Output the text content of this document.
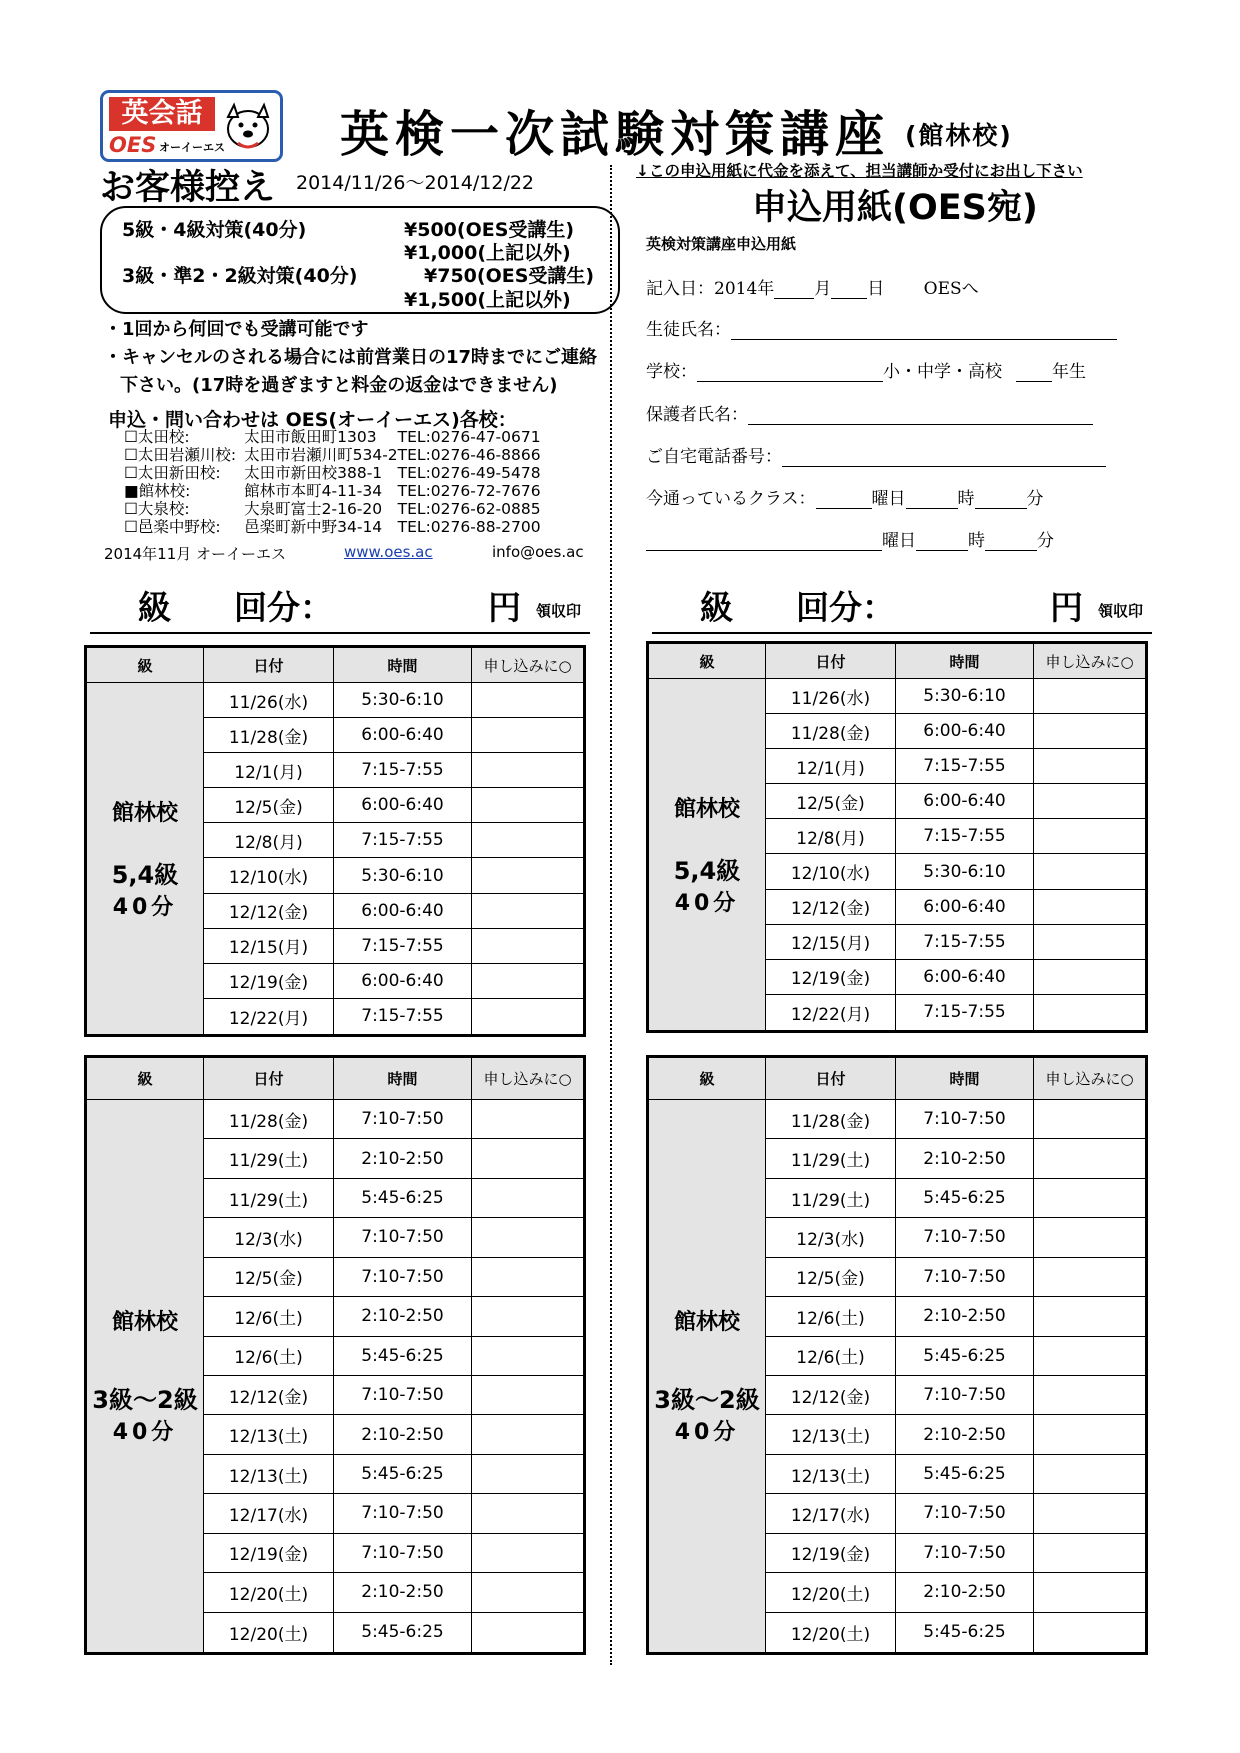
英会話
OES オーイーエス 英検一次試験対策講座 (館林校)
お客様控え 2014/11/26〜2014/12/22
5級・4級対策(40分)	¥500(OES受講生)
¥1,000(上記以外)
3級・準2・2級対策(40分)	¥750(OES受講生)
¥1,500(上記以外)
・1回から何回でも受講可能です
・キャンセルのされる場合には前営業日の17時までにご連絡
下さい。(17時を過ぎますと料金の返金はできません)
申込・問い合わせは OES(オーイーエス)各校：
☐太田校:	太田市飯田町1303	TEL:0276-47-0671
☐太田岩瀬川校:	太田市岩瀬川町534-2	TEL:0276-46-8866
☐太田新田校:	太田市新田校388-1	TEL:0276-49-5478
■館林校:	館林市本町4-11-34	TEL:0276-72-7676
☐大泉校:	大泉町富士2-16-20	TEL:0276-62-0885
☐邑楽中野校:	邑楽町新中野34-14	TEL:0276-88-2700
2014年11月 オーイーエス	www.oes.ac	info@oes.ac
↓この申込用紙に代金を添えて、担当講師か受付にお出し下さい
申込用紙(OES宛)
英検対策講座申込用紙
記入日：2014年 月 日 OESへ
生徒氏名：
学校：	小・中学・高校	年生
保護者氏名：
ご自宅電話番号：
今通っているクラス：	曜日	時	分
曜日	時	分
級 回分：	円 領収印	級 回分：	円 領収印
級	日付	時間	申し込みに○
館林校
5,4級
40分
11/26(水)	5:30-6:10
11/28(金)	6:00-6:40
12/1(月)	7:15-7:55
12/5(金)	6:00-6:40
12/8(月)	7:15-7:55
12/10(水)	5:30-6:10
12/12(金)	6:00-6:40
12/15(月)	7:15-7:55
12/19(金)	6:00-6:40
12/22(月)	7:15-7:55
級	日付	時間	申し込みに○
館林校
5,4級
40分
11/26(水)	5:30-6:10
11/28(金)	6:00-6:40
12/1(月)	7:15-7:55
12/5(金)	6:00-6:40
12/8(月)	7:15-7:55
12/10(水)	5:30-6:10
12/12(金)	6:00-6:40
12/15(月)	7:15-7:55
12/19(金)	6:00-6:40
12/22(月)	7:15-7:55
級	日付	時間	申し込みに○
館林校
3級〜2級
40分
11/28(金)	7:10-7:50
11/29(土)	2:10-2:50
11/29(土)	5:45-6:25
12/3(水)	7:10-7:50
12/5(金)	7:10-7:50
12/6(土)	2:10-2:50
12/6(土)	5:45-6:25
12/12(金)	7:10-7:50
12/13(土)	2:10-2:50
12/13(土)	5:45-6:25
12/17(水)	7:10-7:50
12/19(金)	7:10-7:50
12/20(土)	2:10-2:50
12/20(土)	5:45-6:25
級	日付	時間	申し込みに○
館林校
3級〜2級
40分
11/28(金)	7:10-7:50
11/29(土)	2:10-2:50
11/29(土)	5:45-6:25
12/3(水)	7:10-7:50
12/5(金)	7:10-7:50
12/6(土)	2:10-2:50
12/6(土)	5:45-6:25
12/12(金)	7:10-7:50
12/13(土)	2:10-2:50
12/13(土)	5:45-6:25
12/17(水)	7:10-7:50
12/19(金)	7:10-7:50
12/20(土)	2:10-2:50
12/20(土)	5:45-6:25
